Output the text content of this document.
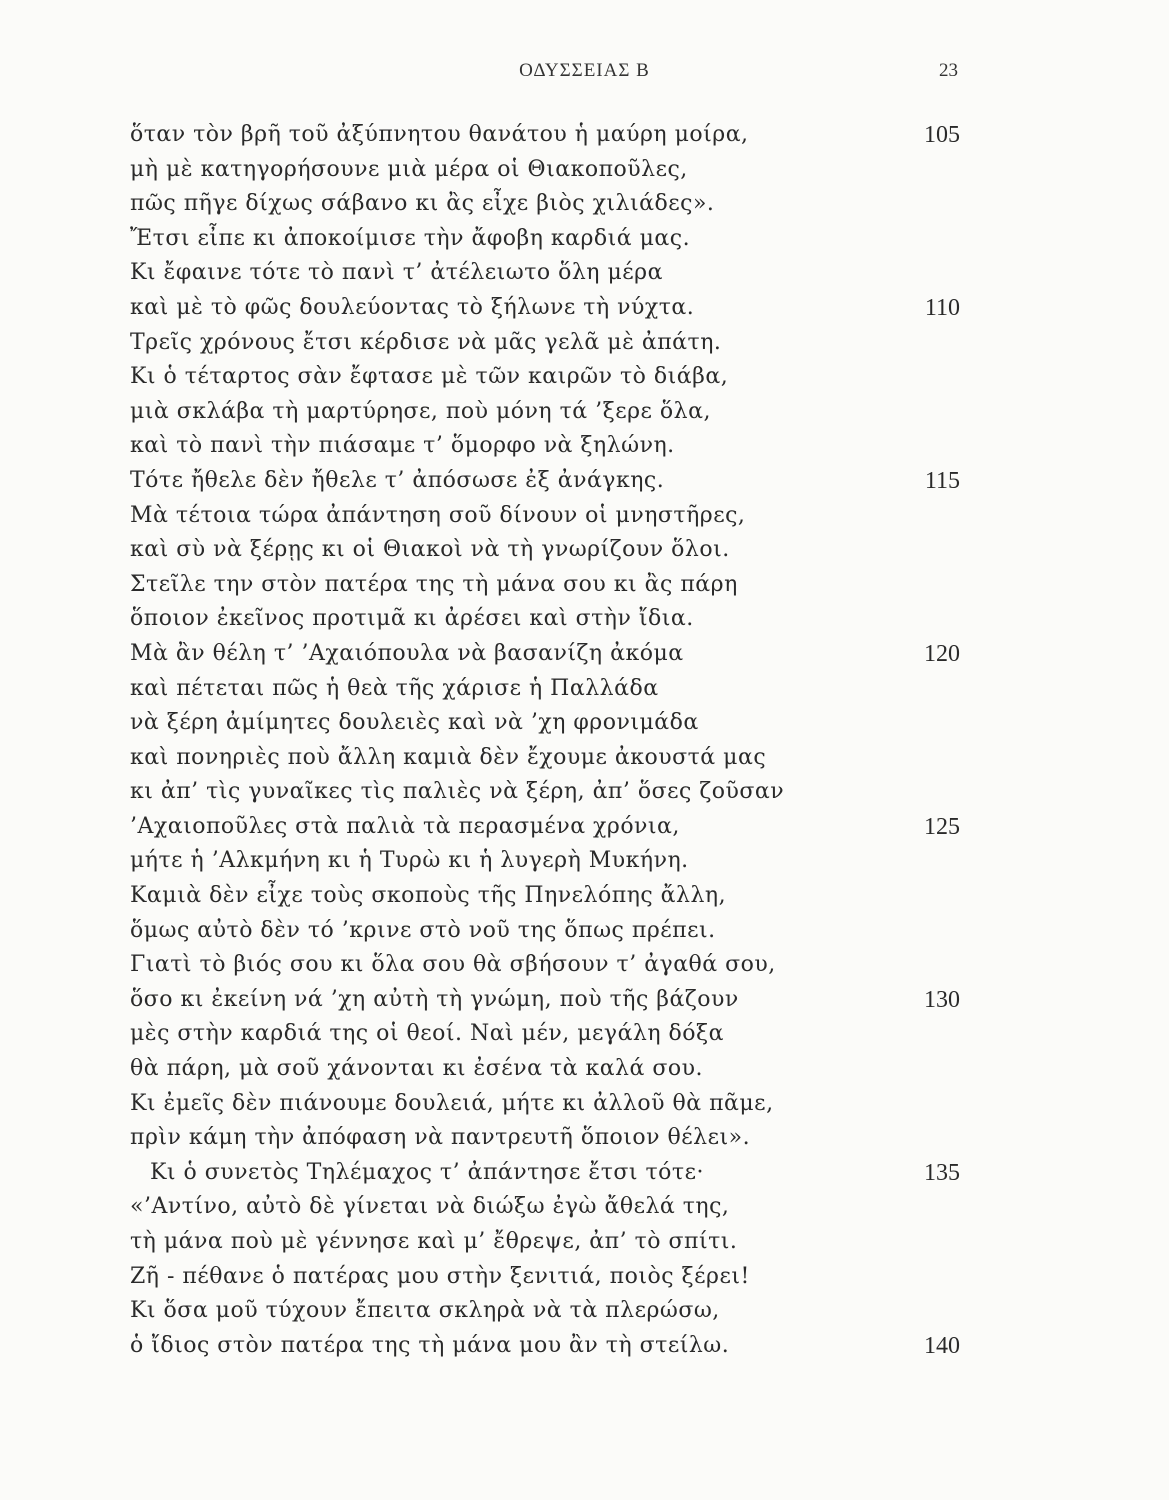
ΟΔΥΣΣΕΙΑΣ Β	23
ὅταν τὸν βρῆ τοῦ ἀξύπνητου θανάτου ἡ μαύρη μοίρα,	105
μὴ μὲ κατηγορήσουνε μιὰ μέρα οἱ Θιακοποῦλες,
πῶς πῆγε δίχως σάβανο κι ἂς εἶχε βιὸς χιλιάδες».
Ἔτσι εἶπε κι ἀποκοίμισε τὴν ἄφοβη καρδιά μας.
Κι ἔφαινε τότε τὸ πανὶ τ’ ἀτέλειωτο ὅλη μέρα
καὶ μὲ τὸ φῶς δουλεύοντας τὸ ξήλωνε τὴ νύχτα.	110
Τρεῖς χρόνους ἔτσι κέρδισε νὰ μᾶς γελᾶ μὲ ἀπάτη.
Κι ὁ τέταρτος σὰν ἔφτασε μὲ τῶν καιρῶν τὸ διάβα,
μιὰ σκλάβα τὴ μαρτύρησε, ποὺ μόνη τά ’ξερε ὅλα,
καὶ τὸ πανὶ τὴν πιάσαμε τ’ ὅμορφο νὰ ξηλώνη.
Τότε ἤθελε δὲν ἤθελε τ’ ἀπόσωσε ἐξ ἀνάγκης.	115
Μὰ τέτοια τώρα ἀπάντηση σοῦ δίνουν οἱ μνηστῆρες,
καὶ σὺ νὰ ξέρῃς κι οἱ Θιακοὶ νὰ τὴ γνωρίζουν ὅλοι.
Στεῖλε την στὸν πατέρα της τὴ μάνα σου κι ἂς πάρη
ὅποιον ἐκεῖνος προτιμᾶ κι ἀρέσει καὶ στὴν ἴδια.
Μὰ ἂν θέλη τ’ ’Αχαιόπουλα νὰ βασανίζη ἀκόμα	120
καὶ πέτεται πῶς ἡ θεὰ τῆς χάρισε ἡ Παλλάδα
νὰ ξέρη ἀμίμητες δουλειὲς καὶ νὰ ’χη φρονιμάδα
καὶ πονηριὲς ποὺ ἄλλη καμιὰ δὲν ἔχουμε ἀκουστά μας
κι ἀπ’ τὶς γυναῖκες τὶς παλιὲς νὰ ξέρη, ἀπ’ ὅσες ζοῦσαν
’Αχαιοποῦλες στὰ παλιὰ τὰ περασμένα χρόνια,	125
μήτε ἡ ’Αλκμήνη κι ἡ Τυρὼ κι ἡ λυγερὴ Μυκήνη.
Καμιὰ δὲν εἶχε τοὺς σκοποὺς τῆς Πηνελόπης ἄλλη,
ὅμως αὐτὸ δὲν τό ’κρινε στὸ νοῦ της ὅπως πρέπει.
Γιατὶ τὸ βιός σου κι ὅλα σου θὰ σβήσουν τ’ ἀγαθά σου,
ὅσο κι ἐκείνη νά ’χη αὐτὴ τὴ γνώμη, ποὺ τῆς βάζουν	130
μὲς στὴν καρδιά της οἱ θεοί. Ναὶ μέν, μεγάλη δόξα
θὰ πάρη, μὰ σοῦ χάνονται κι ἐσένα τὰ καλά σου.
Κι ἐμεῖς δὲν πιάνουμε δουλειά, μήτε κι ἀλλοῦ θὰ πᾶμε,
πρὶν κάμη τὴν ἀπόφαση νὰ παντρευτῆ ὅποιον θέλει».
Κι ὁ συνετὸς Τηλέμαχος τ’ ἀπάντησε ἔτσι τότε·	135
«’Αντίνο, αὐτὸ δὲ γίνεται νὰ διώξω ἐγὼ ἄθελά της,
τὴ μάνα ποὺ μὲ γέννησε καὶ μ’ ἔθρεψε, ἀπ’ τὸ σπίτι.
Ζῆ - πέθανε ὁ πατέρας μου στὴν ξενιτιά, ποιὸς ξέρει!
Κι ὅσα μοῦ τύχουν ἔπειτα σκληρὰ νὰ τὰ πλερώσω,
ὁ ἴδιος στὸν πατέρα της τὴ μάνα μου ἂν τὴ στείλω.	140
